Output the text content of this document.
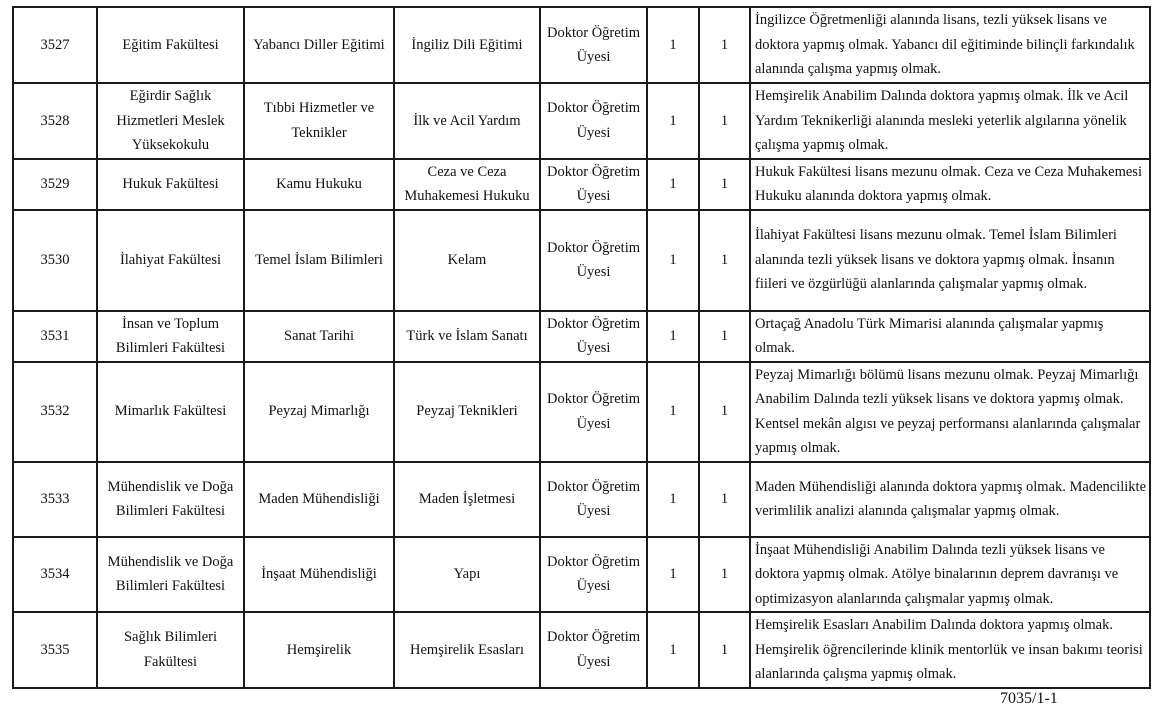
3527	Eğitim Fakültesi	Yabancı Diller Eğitimi	İngiliz Dili Eğitimi	Doktor Öğretim Üyesi	1	1	İngilizce Öğretmenliği alanında lisans, tezli yüksek lisans ve doktora yapmış olmak. Yabancı dil eğitiminde bilinçli farkındalık alanında çalışma yapmış olmak.
3528	Eğirdir Sağlık Hizmetleri Meslek Yüksekokulu	Tıbbi Hizmetler ve Teknikler	İlk ve Acil Yardım	Doktor Öğretim Üyesi	1	1	Hemşirelik Anabilim Dalında doktora yapmış olmak. İlk ve Acil Yardım Teknikerliği alanında mesleki yeterlik algılarına yönelik çalışma yapmış olmak.
3529	Hukuk Fakültesi	Kamu Hukuku	Ceza ve Ceza Muhakemesi Hukuku	Doktor Öğretim Üyesi	1	1	Hukuk Fakültesi lisans mezunu olmak. Ceza ve Ceza Muhakemesi Hukuku alanında doktora yapmış olmak.
3530	İlahiyat Fakültesi	Temel İslam Bilimleri	Kelam	Doktor Öğretim Üyesi	1	1	İlahiyat Fakültesi lisans mezunu olmak. Temel İslam Bilimleri alanında tezli yüksek lisans ve doktora yapmış olmak. İnsanın fiileri ve özgürlüğü alanlarında çalışmalar yapmış olmak.
3531	İnsan ve Toplum Bilimleri Fakültesi	Sanat Tarihi	Türk ve İslam Sanatı	Doktor Öğretim Üyesi	1	1	Ortaçağ Anadolu Türk Mimarisi alanında çalışmalar yapmış olmak.
3532	Mimarlık Fakültesi	Peyzaj Mimarlığı	Peyzaj Teknikleri	Doktor Öğretim Üyesi	1	1	Peyzaj Mimarlığı bölümü lisans mezunu olmak. Peyzaj Mimarlığı Anabilim Dalında tezli yüksek lisans ve doktora yapmış olmak. Kentsel mekân algısı ve peyzaj performansı alanlarında çalışmalar yapmış olmak.
3533	Mühendislik ve Doğa Bilimleri Fakültesi	Maden Mühendisliği	Maden İşletmesi	Doktor Öğretim Üyesi	1	1	Maden Mühendisliği alanında doktora yapmış olmak. Madencilikte verimlilik analizi alanında çalışmalar yapmış olmak.
3534	Mühendislik ve Doğa Bilimleri Fakültesi	İnşaat Mühendisliği	Yapı	Doktor Öğretim Üyesi	1	1	İnşaat Mühendisliği Anabilim Dalında tezli yüksek lisans ve doktora yapmış olmak. Atölye binalarının deprem davranışı ve optimizasyon alanlarında çalışmalar yapmış olmak.
3535	Sağlık Bilimleri Fakültesi	Hemşirelik	Hemşirelik Esasları	Doktor Öğretim Üyesi	1	1	Hemşirelik Esasları Anabilim Dalında doktora yapmış olmak. Hemşirelik öğrencilerinde klinik mentorlük ve insan bakımı teorisi alanlarında çalışma yapmış olmak.
7035/1-1
